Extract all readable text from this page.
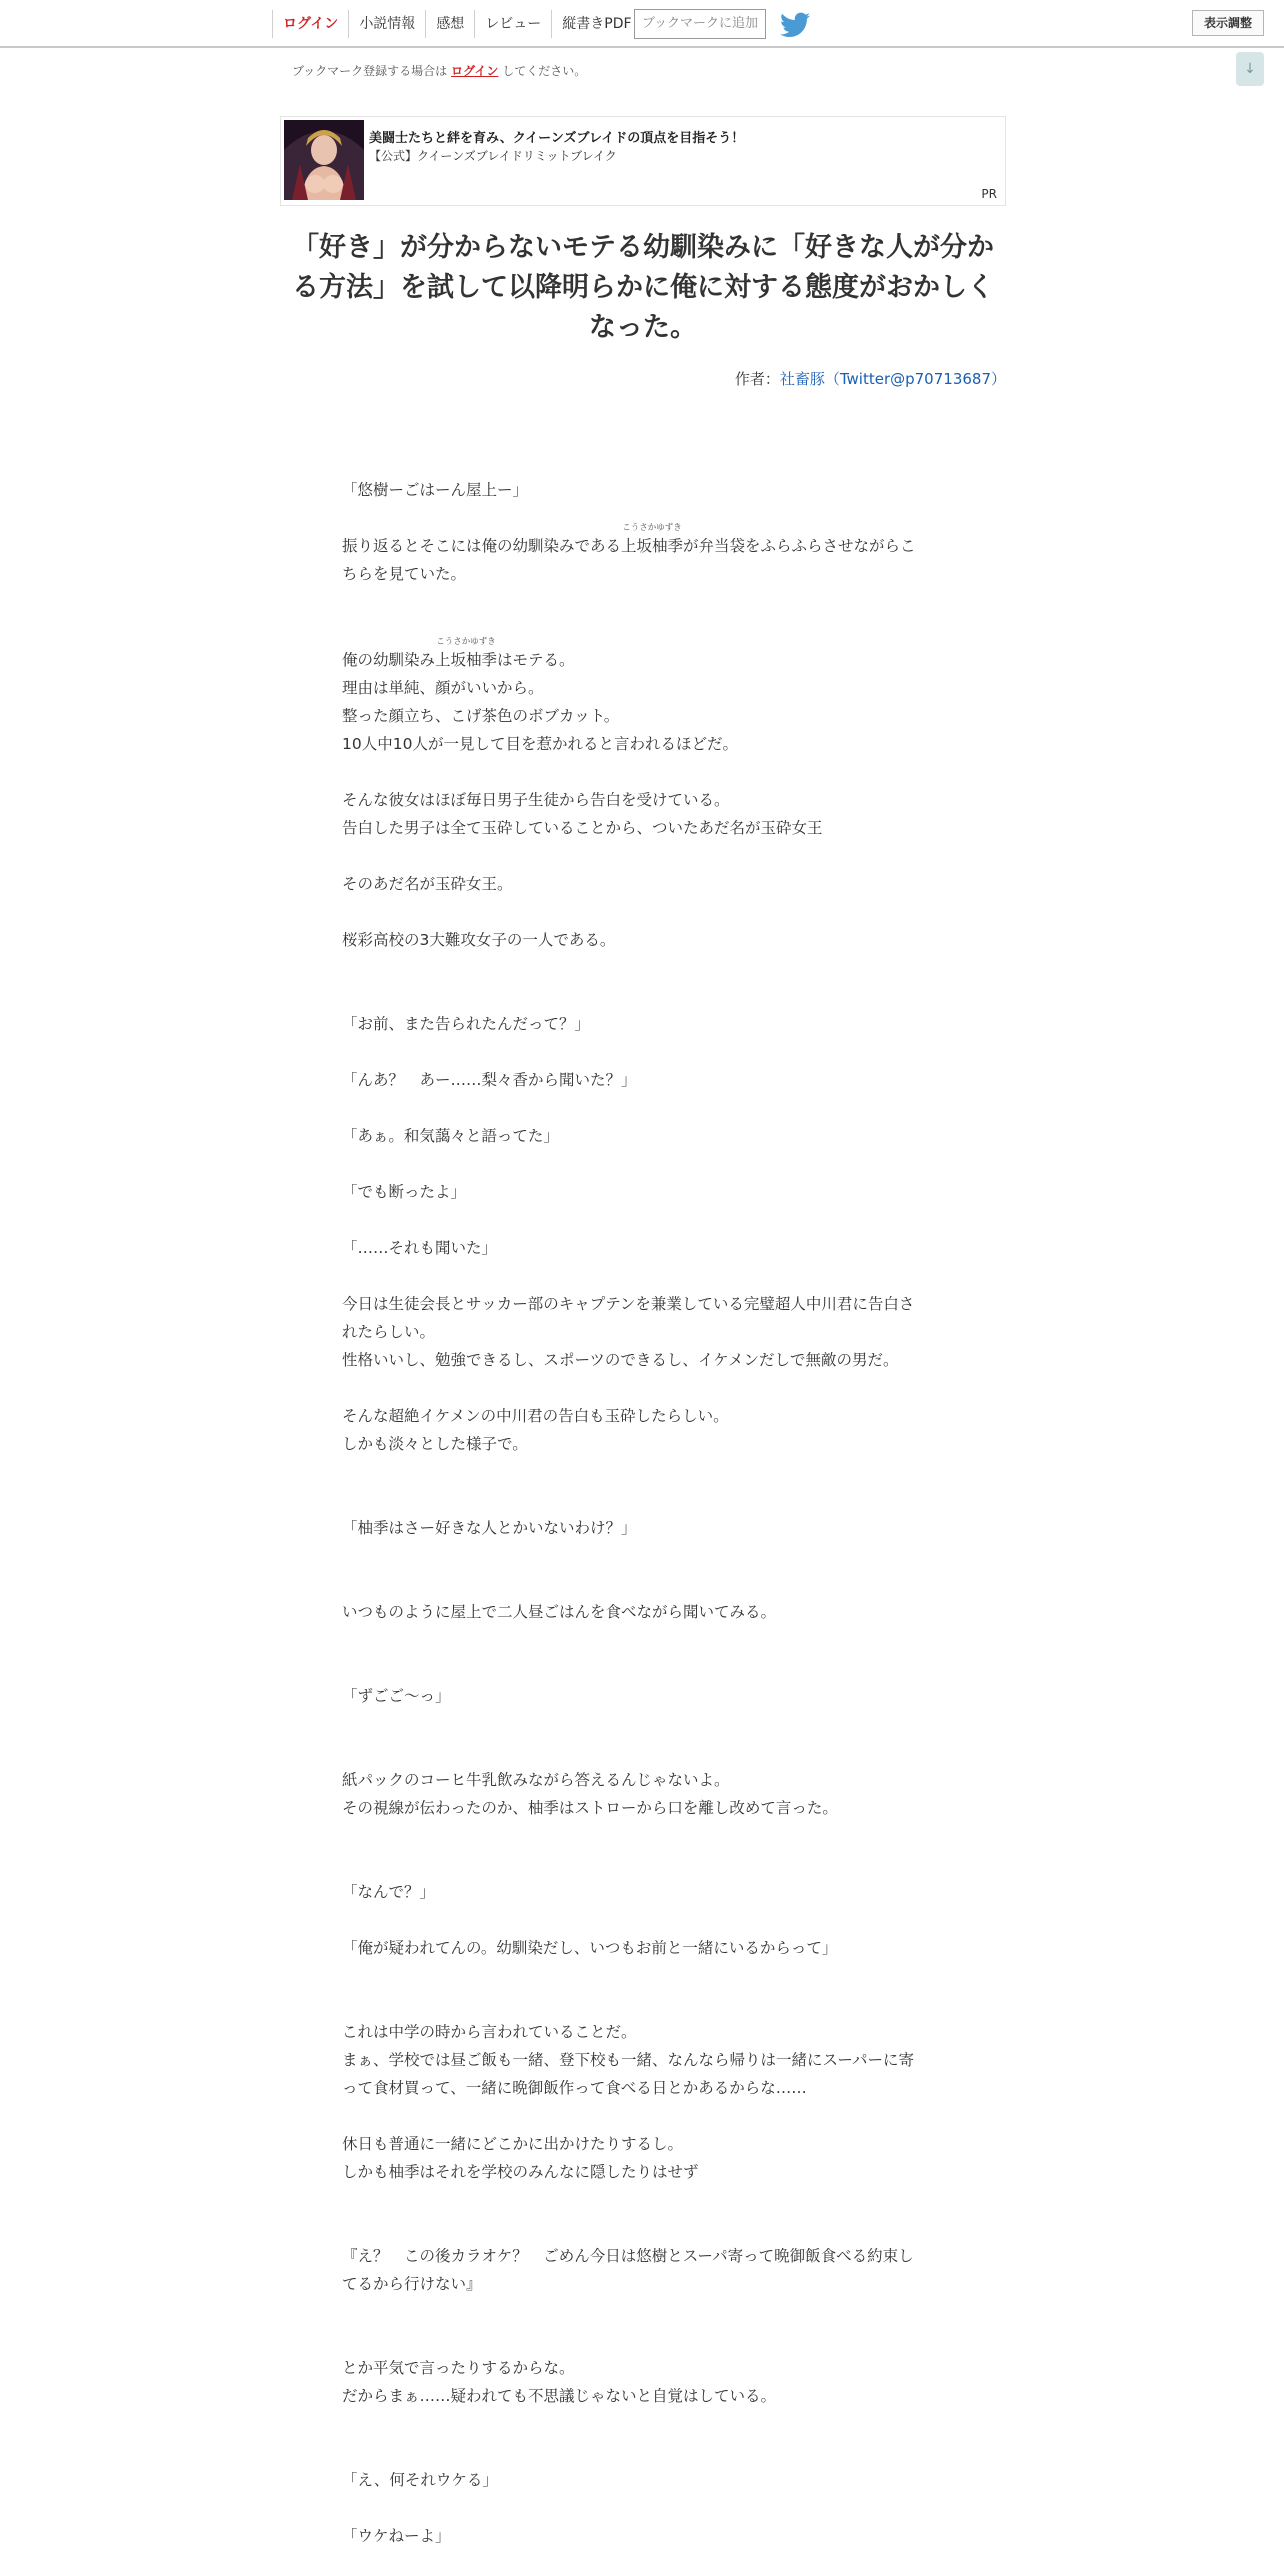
ログイン	小説情報	感想	レビュー	縦書きPDF ブックマークに追加	表示調整
ブックマーク登録する場合は ログイン してください。	↓
美闘士たちと絆を育み、クイーンズブレイドの頂点を目指そう！
【公式】クイーンズブレイドリミットブレイク
PR
「好き」が分からないモテる幼馴染みに「好きな人が分かる方法」を試して以降明らかに俺に対する態度がおかしくなった。
作者：社畜豚（Twitter@p70713687）
「悠樹ーごはーん屋上ー」
振り返るとそこには俺の幼馴染みである
こうさかゆずき
上坂柚季が弁当袋をふらふらさせながらこ
ちらを見ていた。
俺の幼馴染み
こうさかゆずき
上坂柚季はモテる。
理由は単純、顔がいいから。
整った顔立ち、こげ茶色のボブカット。
10人中10人が一見して目を惹かれると言われるほどだ。
そんな彼女はほぼ毎日男子生徒から告白を受けている。
告白した男子は全て玉砕していることから、ついたあだ名が玉砕女王
そのあだ名が玉砕女王。
桜彩高校の3大難攻女子の一人である。
「お前、また告られたんだって？」
「んあ？　あー……梨々香から聞いた？」
「あぁ。和気藹々と語ってた」
「でも断ったよ」
「……それも聞いた」
今日は生徒会長とサッカー部のキャプテンを兼業している完璧超人中川君に告白さ
れたらしい。
性格いいし、勉強できるし、スポーツのできるし、イケメンだしで無敵の男だ。
そんな超絶イケメンの中川君の告白も玉砕したらしい。
しかも淡々とした様子で。
「柚季はさー好きな人とかいないわけ？」
いつものように屋上で二人昼ごはんを食べながら聞いてみる。
「ずごご〜っ」
紙パックのコーヒ牛乳飲みながら答えるんじゃないよ。
その視線が伝わったのか、柚季はストローから口を離し改めて言った。
「なんで？」
「俺が疑われてんの。幼馴染だし、いつもお前と一緒にいるからって」
これは中学の時から言われていることだ。
まぁ、学校では昼ご飯も一緒、登下校も一緒、なんなら帰りは一緒にスーパーに寄
って食材買って、一緒に晩御飯作って食べる日とかあるからな……
休日も普通に一緒にどこかに出かけたりするし。
しかも柚季はそれを学校のみんなに隠したりはせず
『え？　この後カラオケ？　ごめん今日は悠樹とスーパ寄って晩御飯食べる約束し
てるから行けない』
とか平気で言ったりするからな。
だからまぁ……疑われても不思議じゃないと自覚はしている。
「え、何それウケる」
「ウケねーよ」
